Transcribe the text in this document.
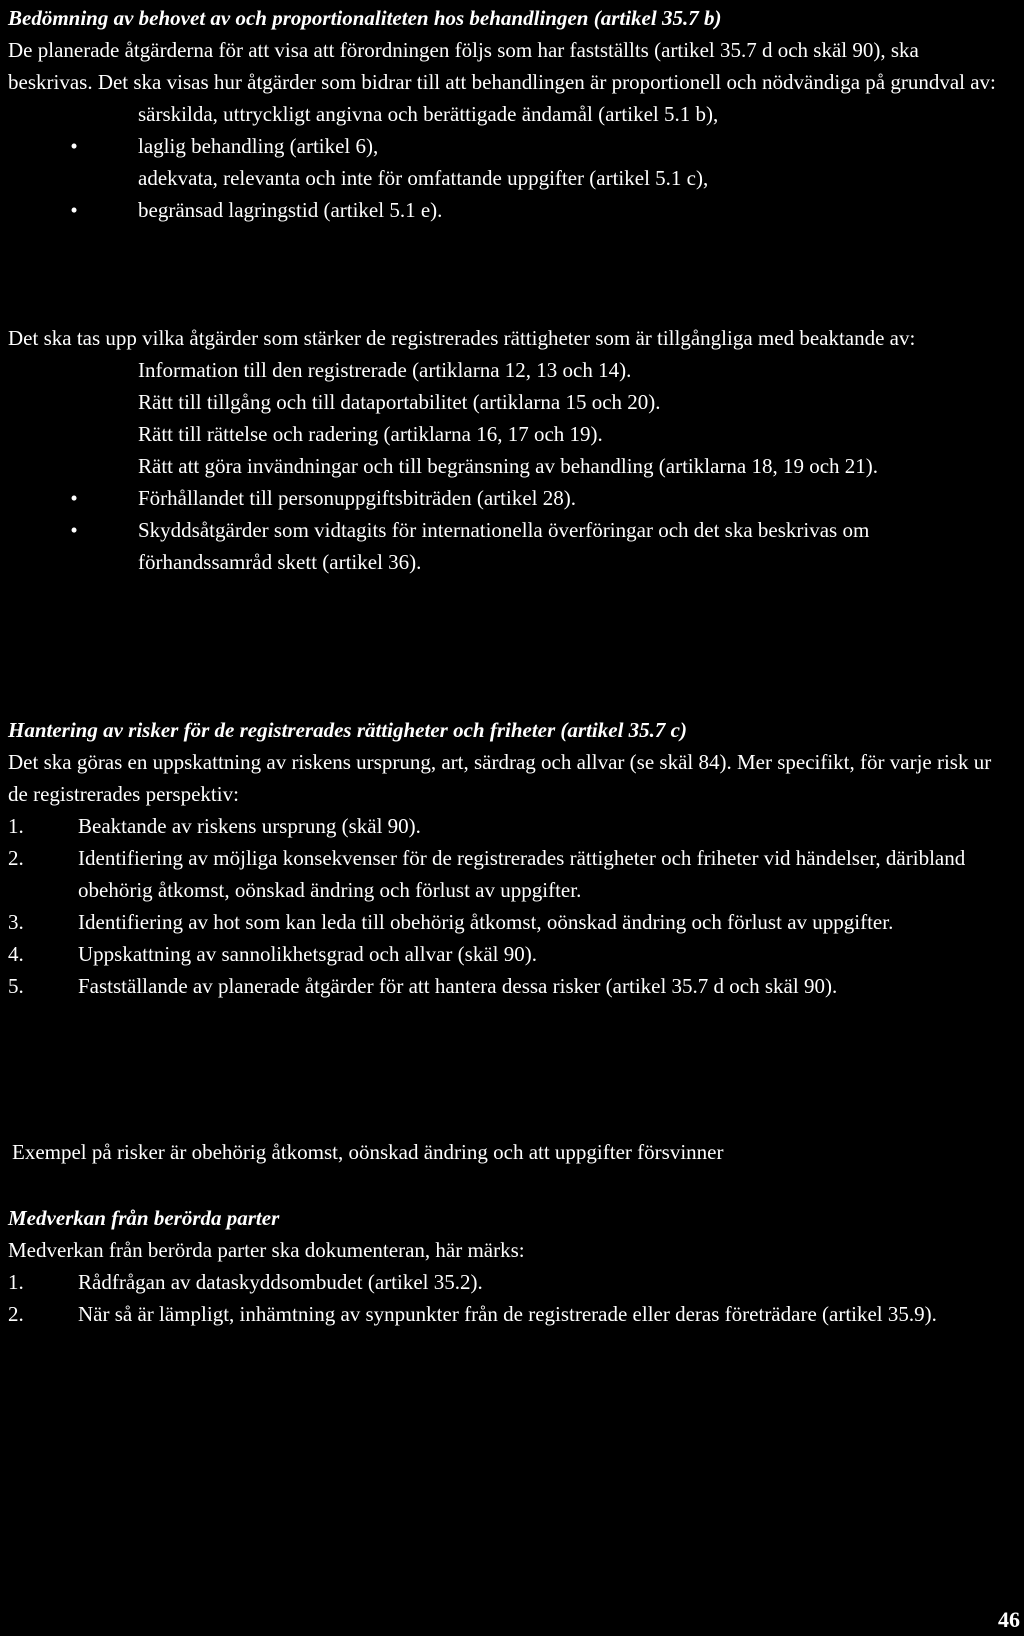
Bedömning av behovet av och proportionaliteten hos behandlingen (artikel 35.7 b)

De planerade åtgärderna för att visa att förordningen följs som har fastställts (artikel 35.7 d och skäl 90), ska beskrivas. Det ska visas hur åtgärder som bidrar till att behandlingen är proportionell och nödvändiga på grundval av:

särskilda, uttryckligt angivna och berättigade ändamål (artikel 5.1 b),
•	laglig behandling (artikel 6),
adekvata, relevanta och inte för omfattande uppgifter (artikel 5.1 c),
•	begränsad lagringstid (artikel 5.1 e).

Det ska tas upp vilka åtgärder som stärker de registrerades rättigheter som är tillgångliga med beaktande av:

Information till den registrerade (artiklarna 12, 13 och 14).
Rätt till tillgång och till dataportabilitet (artiklarna 15 och 20).
Rätt till rättelse och radering (artiklarna 16, 17 och 19).
Rätt att göra invändningar och till begränsning av behandling (artiklarna 18, 19 och 21).
•	Förhållandet till personuppgiftsbiträden (artikel 28).
•	Skyddsåtgärder som vidtagits för internationella överföringar och det ska beskrivas om förhandssamråd skett (artikel 36).

Hantering av risker för de registrerades rättigheter och friheter (artikel 35.7 c)

Det ska göras en uppskattning av riskens ursprung, art, särdrag och allvar (se skäl 84). Mer specifikt, för varje risk ur de registrerades perspektiv:

1.	Beaktande av riskens ursprung (skäl 90).
2.	Identifiering av möjliga konsekvenser för de registrerades rättigheter och friheter vid händelser, däribland obehörig åtkomst, oönskad ändring och förlust av uppgifter.
3.	Identifiering av hot som kan leda till obehörig åtkomst, oönskad ändring och förlust av uppgifter.
4.	Uppskattning av sannolikhetsgrad och allvar (skäl 90).
5.	Fastställande av planerade åtgärder för att hantera dessa risker (artikel 35.7 d och skäl 90).

Exempel på risker är obehörig åtkomst, oönskad ändring och att uppgifter försvinner

Medverkan från berörda parter

Medverkan från berörda parter ska dokumenteran, här märks:

1.	Rådfrågan av dataskyddsombudet (artikel 35.2).
2.	När så är lämpligt, inhämtning av synpunkter från de registrerade eller deras företrädare (artikel 35.9).
46
